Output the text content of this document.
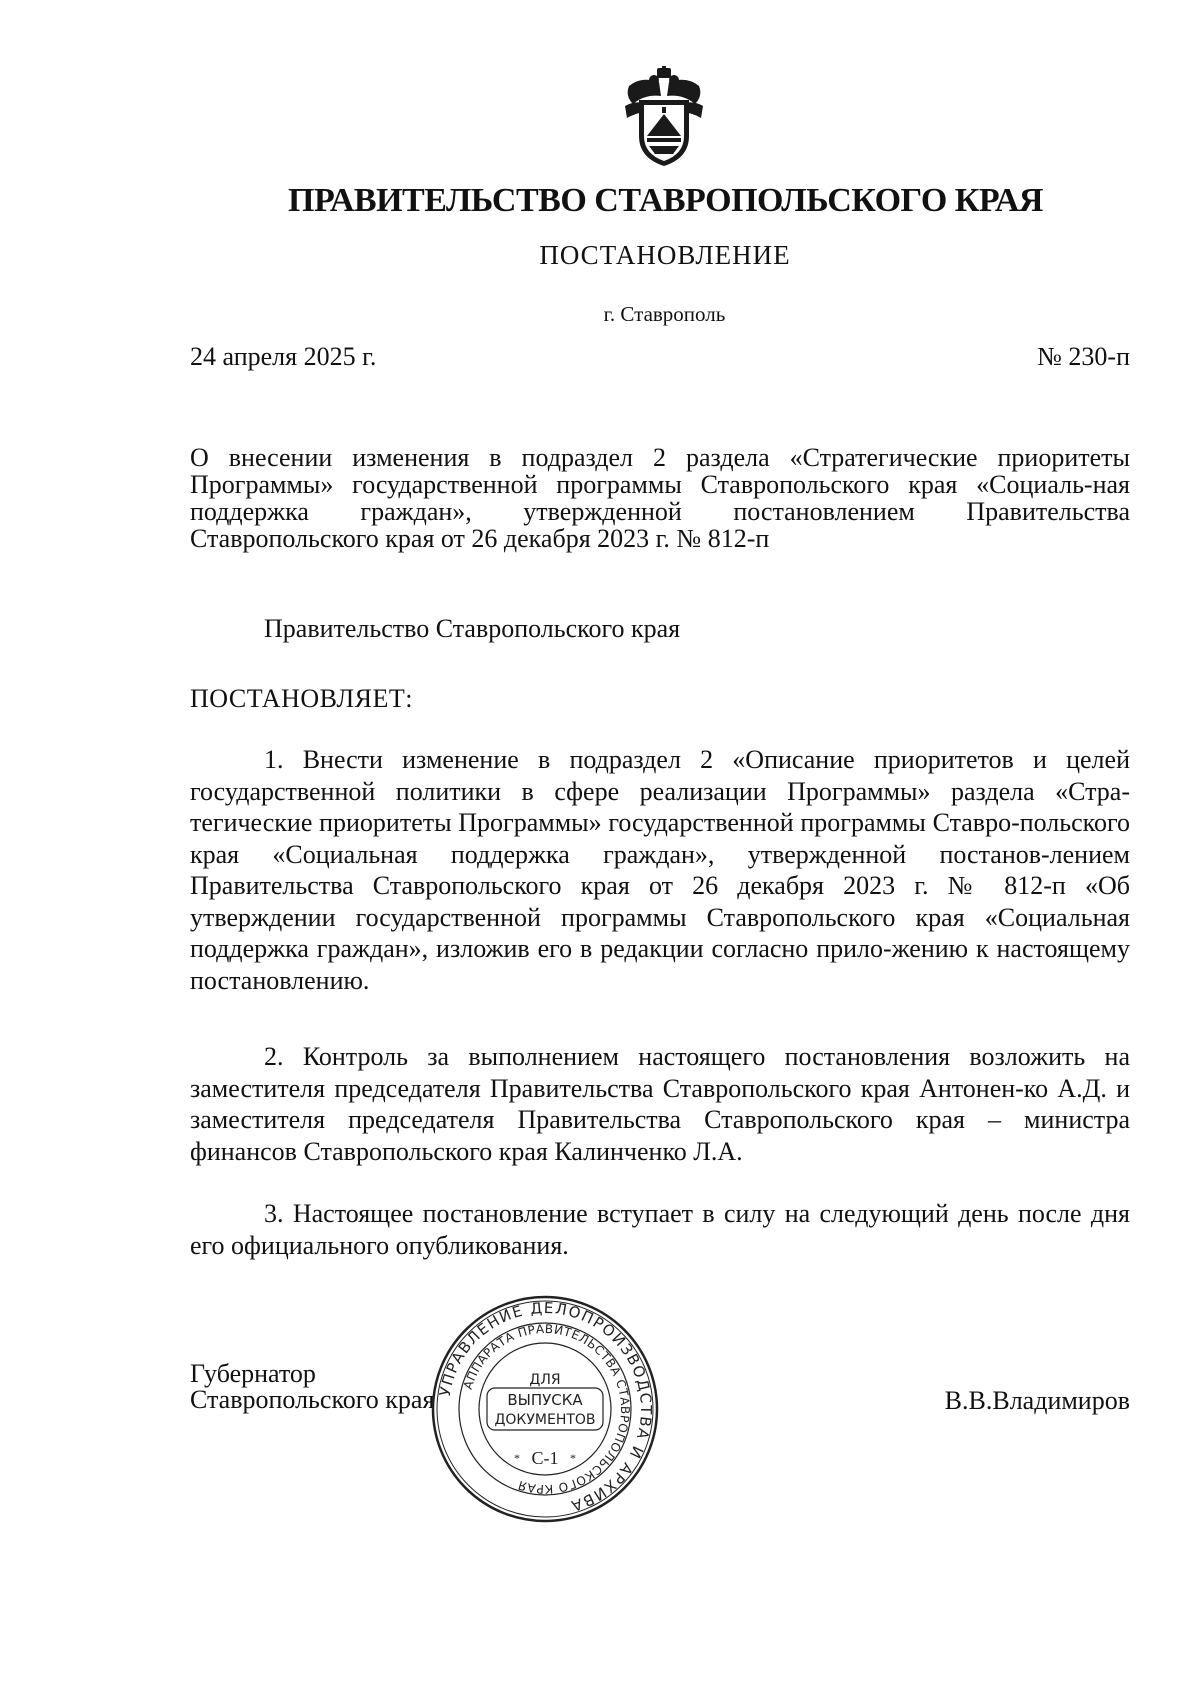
ПРАВИТЕЛЬСТВО СТАВРОПОЛЬСКОГО КРАЯ
ПОСТАНОВЛЕНИЕ
г. Ставрополь
24 апреля 2025 г.	№ 230-п
О внесении изменения в подраздел 2 раздела «Стратегические приоритеты Программы» государственной программы Ставропольского края «Социаль-ная поддержка граждан», утвержденной постановлением Правительства Ставропольского края от 26 декабря 2023 г. № 812-п
Правительство Ставропольского края
ПОСТАНОВЛЯЕТ:

1. Внести изменение в подраздел 2 «Описание приоритетов и целей государственной политики в сфере реализации Программы» раздела «Стра-тегические приоритеты Программы» государственной программы Ставро-польского края «Социальная поддержка граждан», утвержденной постанов-лением Правительства Ставропольского края от 26 декабря 2023 г. № 812-п «Об утверждении государственной программы Ставропольского края «Социальная поддержка граждан», изложив его в редакции согласно прило-жению к настоящему постановлению.

2. Контроль за выполнением настоящего постановления возложить на заместителя председателя Правительства Ставропольского края Антонен-ко А.Д. и заместителя председателя Правительства Ставропольского края – министра финансов Ставропольского края Калинченко Л.А.

3. Настоящее постановление вступает в силу на следующий день после дня его официального опубликования.

Губернатор
Ставропольского края	В.В.Владимиров
УПРАВЛЕНИЕ ДЕЛОПРОИЗВОДСТВА И АРХИВА
АППАРАТА ПРАВИТЕЛЬСТВА СТАВРОПОЛЬСКОГО КРАЯ
ДЛЯ
ВЫПУСКА
ДОКУМЕНТОВ
С-1
*	*
